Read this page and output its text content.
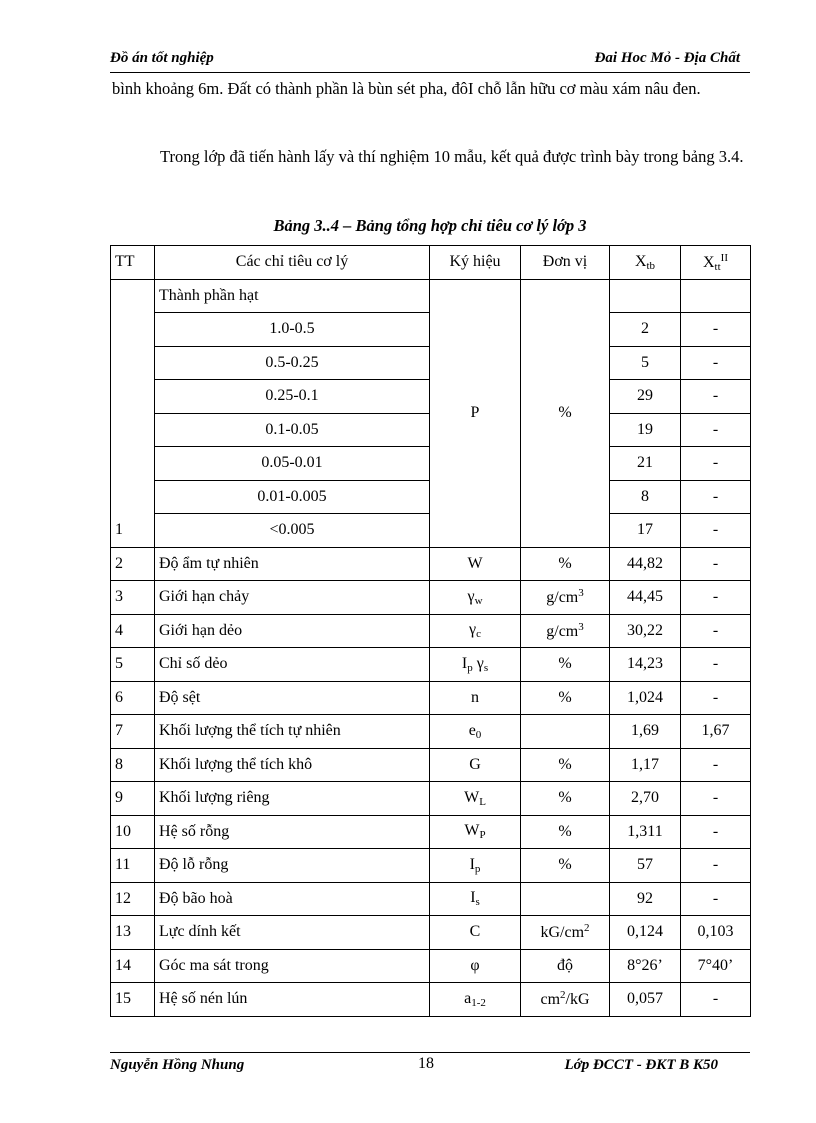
Đồ án tốt nghiệp	Đai Hoc Mỏ - Địa Chất
bình khoảng 6m. Đất có thành phần là bùn sét pha, đôI chỗ lẫn hữu cơ màu xám nâu đen.
Trong lớp đã tiến hành lấy và thí nghiệm 10 mẫu, kết quả được trình bày trong bảng 3.4.
Bảng 3..4 – Bảng tổng hợp chỉ tiêu cơ lý lớp 3
TT	Các chỉ tiêu cơ lý	Ký hiệu	Đơn vị	$X_{tb}$	$X_{tt}^{II}$
1	Thành phần hạt	P	%		
	1.0-0.5			2	-
	0.5-0.25			5	-
	0.25-0.1			29	-
	0.1-0.05			19	-
	0.05-0.01			21	-
	0.01-0.005			8	-
	<0.005			17	-
2	Độ ẩm tự nhiên	W	%	44,82	-
3	Giới hạn chảy	$\gamma_w$	$g/cm^3$	44,45	-
4	Giới hạn dẻo	$\gamma_c$	$g/cm^3$	30,22	-
5	Chỉ số dẻo	$I_p$ $\gamma_s$	%	14,23	-
6	Độ sệt	n	%	1,024	-
7	Khối lượng thể tích tự nhiên	$e_0$		1,69	1,67
8	Khối lượng thể tích khô	G	%	1,17	-
9	Khối lượng riêng	$W_L$	%	2,70	-
10	Hệ số rỗng	$W_P$	%	1,311	-
11	Độ lỗ rỗng	$I_p$	%	57	-
12	Độ bão hoà	$I_s$		92	-
13	Lực dính kết	C	$kG/cm^2$	0,124	0,103
14	Góc ma sát trong	φ	độ	8°26’	7°40’
15	Hệ số nén lún	$a_{1-2}$	$cm^2/kG$	0,057	-
Nguyễn Hồng Nhung	18	Lớp ĐCCT - ĐKT B K50
